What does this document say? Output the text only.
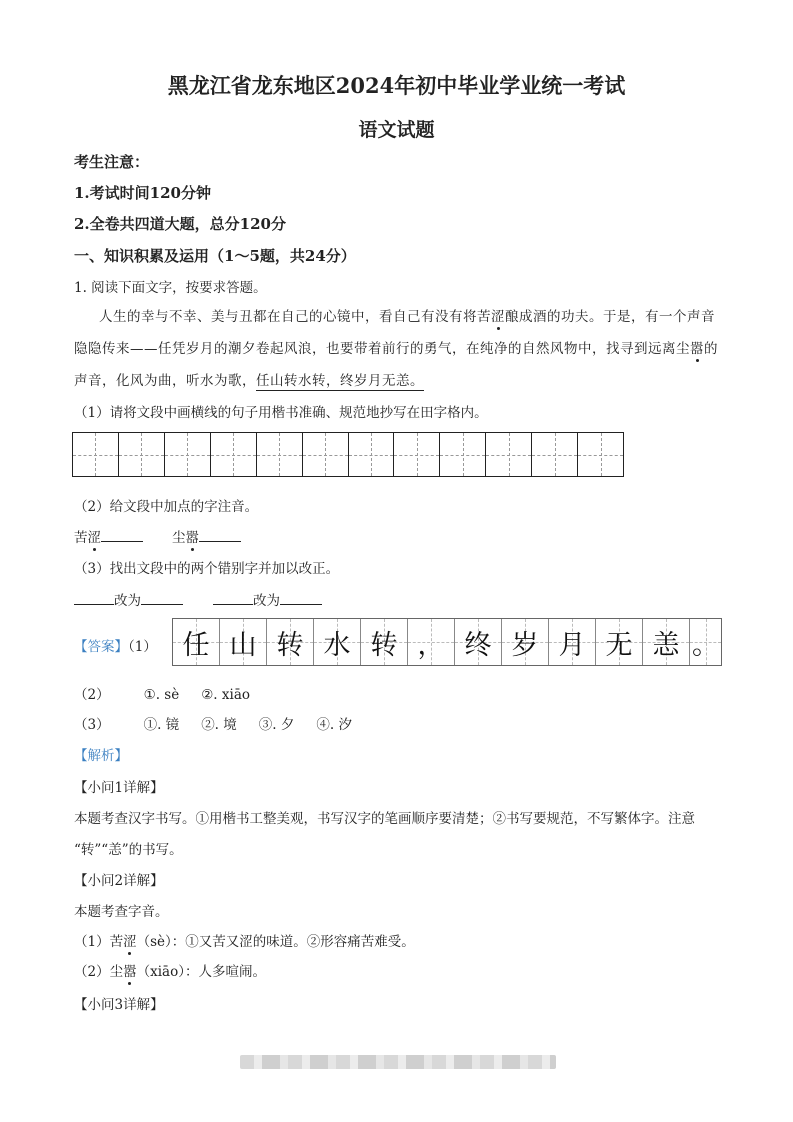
黑龙江省龙东地区2024年初中毕业学业统一考试
语文试题
考生注意：
1.考试时间120分钟
2.全卷共四道大题，总分120分
一、知识积累及运用（1～5题，共24分）
1. 阅读下面文字，按要求答题。
人生的幸与不幸、美与丑都在自己的心镜中，看自己有没有将苦涩酿成酒的功夫。于是，有一个声音
隐隐传来——任凭岁月的潮夕卷起风浪，也要带着前行的勇气，在纯净的自然风物中，找寻到远离尘嚣的
声音，化风为曲，听水为歌，任山转水转，终岁月无恙。
（1）请将文段中画横线的句子用楷书准确、规范地抄写在田字格内。
（2）给文段中加点的字注音。
苦涩	尘嚣
（3）找出文段中的两个错别字并加以改正。
改为	改为
【答案】（1） 任 山 转 水 转 ， 终 岁 月 无 恙 。
（2）	①. sè ②. xiāo
（3）	①. 镜 ②. 境 ③. 夕 ④. 汐
【解析】
【小问1详解】
本题考查汉字书写。①用楷书工整美观，书写汉字的笔画顺序要清楚；②书写要规范，不写繁体字。注意
“转”“恙”的书写。
【小问2详解】
本题考查字音。
（1）苦涩（sè）：①又苦又涩的味道。②形容痛苦难受。
（2）尘嚣（xiāo）：人多喧闹。
【小问3详解】
